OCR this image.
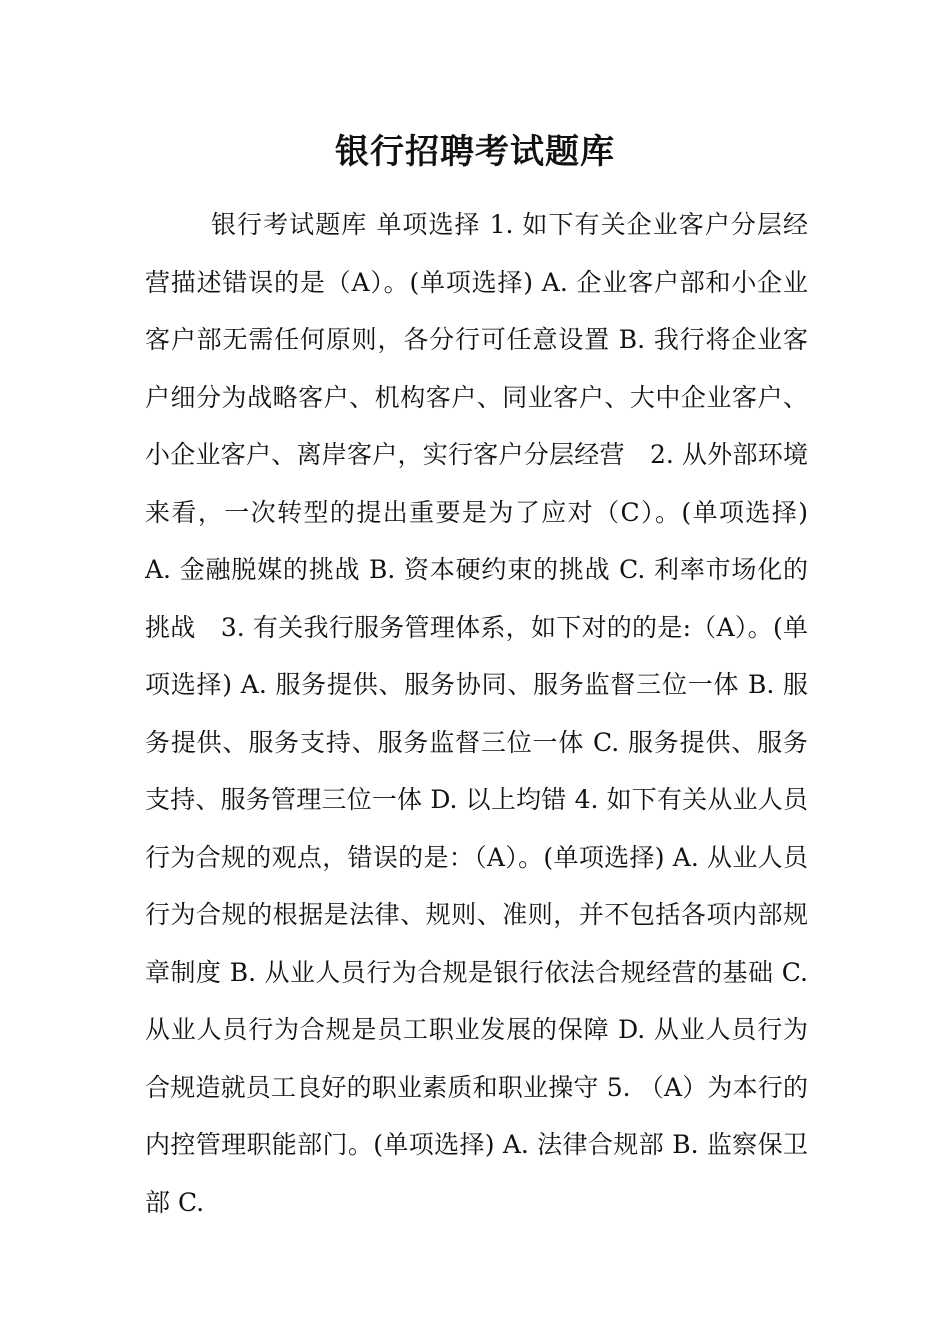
银行招聘考试题库

银行考试题库 单项选择 1. 如下有关企业客户分层经营描述错误的是（A）。(单项选择) A. 企业客户部和小企业客户部无需任何原则，各分行可任意设置 B. 我行将企业客户细分为战略客户、机构客户、同业客户、大中企业客户、小企业客户、离岸客户，实行客户分层经营　2. 从外部环境来看，一次转型的提出重要是为了应对（C）。(单项选择)　A. 金融脱媒的挑战 B. 资本硬约束的挑战 C. 利率市场化的挑战　3. 有关我行服务管理体系，如下对的的是:（A）。(单项选择) A. 服务提供、服务协同、服务监督三位一体 B. 服务提供、服务支持、服务监督三位一体 C. 服务提供、服务支持、服务管理三位一体 D. 以上均错 4. 如下有关从业人员行为合规的观点，错误的是：（A）。(单项选择) A. 从业人员行为合规的根据是法律、规则、准则，并不包括各项内部规章制度 B. 从业人员行为合规是银行依法合规经营的基础 C. 从业人员行为合规是员工职业发展的保障 D. 从业人员行为合规造就员工良好的职业素质和职业操守 5. （A）为本行的内控管理职能部门。(单项选择) A. 法律合规部 B. 监察保卫部 C.
